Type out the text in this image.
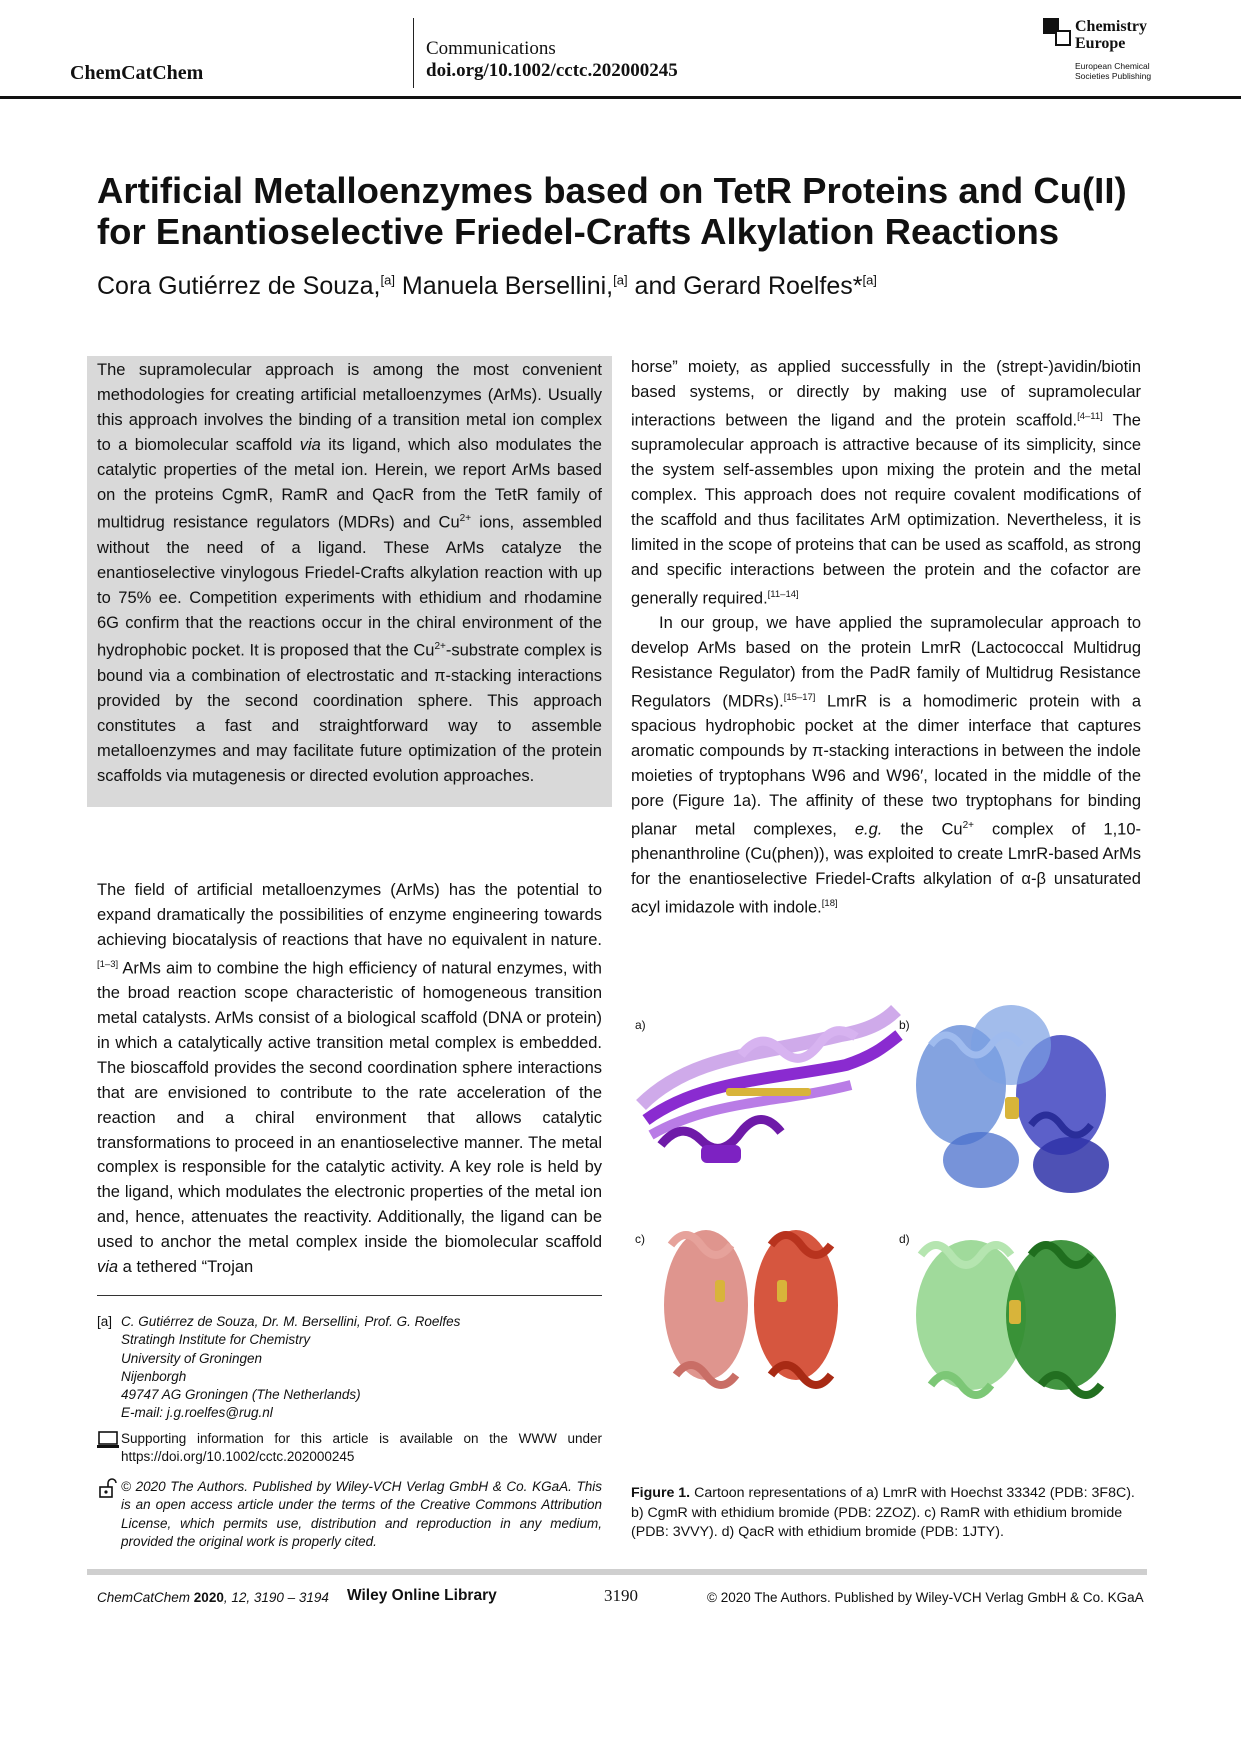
ChemCatChem
Communications
doi.org/10.1002/cctc.202000245
Chemistry
Europe
European Chemical
Societies Publishing
Artificial Metalloenzymes based on TetR Proteins and Cu(II) for Enantioselective Friedel-Crafts Alkylation Reactions
Cora Gutiérrez de Souza,[a] Manuela Bersellini,[a] and Gerard Roelfes*[a]
The supramolecular approach is among the most convenient methodologies for creating artificial metalloenzymes (ArMs). Usually this approach involves the binding of a transition metal ion complex to a biomolecular scaffold via its ligand, which also modulates the catalytic properties of the metal ion. Herein, we report ArMs based on the proteins CgmR, RamR and QacR from the TetR family of multidrug resistance regulators (MDRs) and $Cu^{2+}$ ions, assembled without the need of a ligand. These ArMs catalyze the enantioselective vinylogous Friedel-Crafts alkylation reaction with up to 75% ee. Competition experiments with ethidium and rhodamine 6G confirm that the reactions occur in the chiral environment of the hydrophobic pocket. It is proposed that the $Cu^{2+}$-substrate complex is bound via a combination of electrostatic and π-stacking interactions provided by the second coordination sphere. This approach constitutes a fast and straightforward way to assemble metalloenzymes and may facilitate future optimization of the protein scaffolds via mutagenesis or directed evolution approaches.
The field of artificial metalloenzymes (ArMs) has the potential to expand dramatically the possibilities of enzyme engineering towards achieving biocatalysis of reactions that have no equivalent in nature.[1–3] ArMs aim to combine the high efficiency of natural enzymes, with the broad reaction scope characteristic of homogeneous transition metal catalysts. ArMs consist of a biological scaffold (DNA or protein) in which a catalytically active transition metal complex is embedded. The bioscaffold provides the second coordination sphere interactions that are envisioned to contribute to the rate acceleration of the reaction and a chiral environment that allows catalytic transformations to proceed in an enantioselective manner. The metal complex is responsible for the catalytic activity. A key role is held by the ligand, which modulates the electronic properties of the metal ion and, hence, attenuates the reactivity. Additionally, the ligand can be used to anchor the metal complex inside the biomolecular scaffold via a tethered “Trojan

horse” moiety, as applied successfully in the (strept-)avidin/biotin based systems, or directly by making use of supramolecular interactions between the ligand and the protein scaffold.[4–11] The supramolecular approach is attractive because of its simplicity, since the system self-assembles upon mixing the protein and the metal complex. This approach does not require covalent modifications of the scaffold and thus facilitates ArM optimization. Nevertheless, it is limited in the scope of proteins that can be used as scaffold, as strong and specific interactions between the protein and the cofactor are generally required.[11–14]

In our group, we have applied the supramolecular approach to develop ArMs based on the protein LmrR (Lactococcal Multidrug Resistance Regulator) from the PadR family of Multidrug Resistance Regulators (MDRs).[15–17] LmrR is a homodimeric protein with a spacious hydrophobic pocket at the dimer interface that captures aromatic compounds by π-stacking interactions in between the indole moieties of tryptophans W96 and W96′, located in the middle of the pore (Figure 1a). The affinity of these two tryptophans for binding planar metal complexes, e.g. the $Cu^{2+}$ complex of 1,10-phenanthroline (Cu(phen)), was exploited to create LmrR-based ArMs for the enantioselective Friedel-Crafts alkylation of α-β unsaturated acyl imidazole with indole.[18]

a)	b)
c)	d)
Figure 1. Cartoon representations of a) LmrR with Hoechst 33342 (PDB: 3F8C). b) CgmR with ethidium bromide (PDB: 2ZOZ). c) RamR with ethidium bromide (PDB: 3VVY). d) QacR with ethidium bromide (PDB: 1JTY).
[a] C. Gutiérrez de Souza, Dr. M. Bersellini, Prof. G. Roelfes
Stratingh Institute for Chemistry
University of Groningen
Nijenborgh
49747 AG Groningen (The Netherlands)
E-mail: j.g.roelfes@rug.nl
Supporting information for this article is available on the WWW under https://doi.org/10.1002/cctc.202000245
© 2020 The Authors. Published by Wiley-VCH Verlag GmbH & Co. KGaA. This is an open access article under the terms of the Creative Commons Attribution License, which permits use, distribution and reproduction in any medium, provided the original work is properly cited.
ChemCatChem 2020, 12, 3190 – 3194 Wiley Online Library	3190	© 2020 The Authors. Published by Wiley-VCH Verlag GmbH & Co. KGaA
